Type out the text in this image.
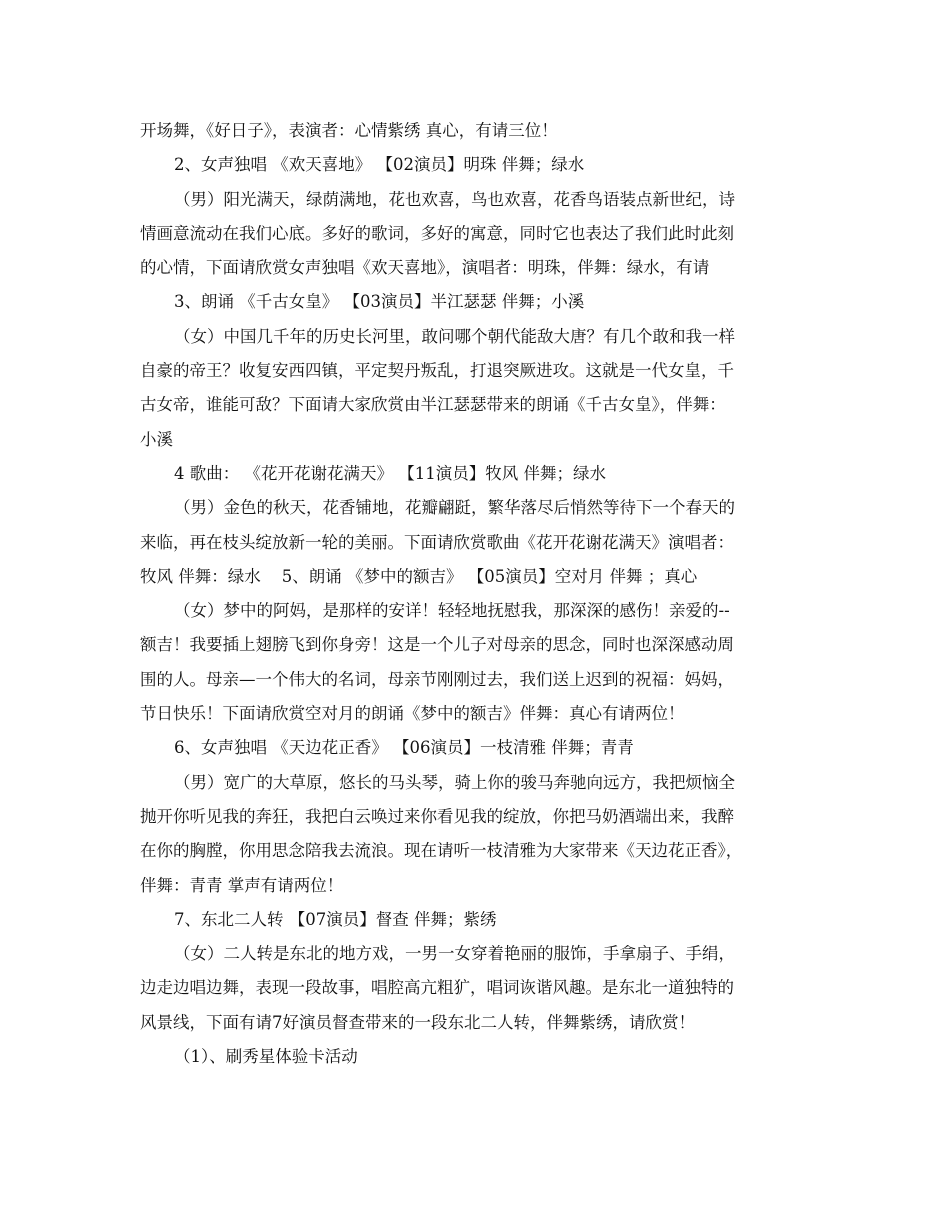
开场舞，《好日子》，表演者：心情紫绣 真心，有请三位！

2、女声独唱 《欢天喜地》 【02演员】明珠 伴舞；绿水

（男）阳光满天，绿荫满地，花也欢喜，鸟也欢喜，花香鸟语装点新世纪，诗
情画意流动在我们心底。多好的歌词，多好的寓意，同时它也表达了我们此时此刻
的心情，下面请欣赏女声独唱《欢天喜地》，演唱者：明珠，伴舞：绿水，有请

3、朗诵 《千古女皇》 【03演员】半江瑟瑟 伴舞；小溪

（女）中国几千年的历史长河里，敢问哪个朝代能敌大唐？有几个敢和我一样
自豪的帝王？收复安西四镇，平定契丹叛乱，打退突厥进攻。这就是一代女皇，千
古女帝，谁能可敌？下面请大家欣赏由半江瑟瑟带来的朗诵《千古女皇》，伴舞：
小溪

4 歌曲： 《花开花谢花满天》 【11演员】牧风 伴舞；绿水

（男）金色的秋天，花香铺地，花瓣翩跹，繁华落尽后悄然等待下一个春天的
来临，再在枝头绽放新一轮的美丽。下面请欣赏歌曲《花开花谢花满天》演唱者：
牧风 伴舞：绿水    5、朗诵 《梦中的额吉》 【05演员】空对月 伴舞 ；真心

（女）梦中的阿妈，是那样的安详！轻轻地抚慰我，那深深的感伤！亲爱的--
额吉！我要插上翅膀飞到你身旁！这是一个儿子对母亲的思念，同时也深深感动周
围的人。母亲—一个伟大的名词，母亲节刚刚过去，我们送上迟到的祝福：妈妈，
节日快乐！下面请欣赏空对月的朗诵《梦中的额吉》伴舞：真心有请两位！

6、女声独唱 《天边花正香》 【06演员】一枝清雅 伴舞；青青

（男）宽广的大草原，悠长的马头琴，骑上你的骏马奔驰向远方，我把烦恼全
抛开你听见我的奔狂，我把白云唤过来你看见我的绽放，你把马奶酒端出来，我醉
在你的胸膛，你用思念陪我去流浪。现在请听一枝清雅为大家带来《天边花正香》，
伴舞：青青 掌声有请两位！

7、东北二人转 【07演员】督查 伴舞；紫绣

（女）二人转是东北的地方戏，一男一女穿着艳丽的服饰，手拿扇子、手绢，
边走边唱边舞，表现一段故事，唱腔高亢粗犷，唱词诙谐风趣。是东北一道独特的
风景线，下面有请7好演员督查带来的一段东北二人转，伴舞紫绣，请欣赏！

（1）、刷秀星体验卡活动
